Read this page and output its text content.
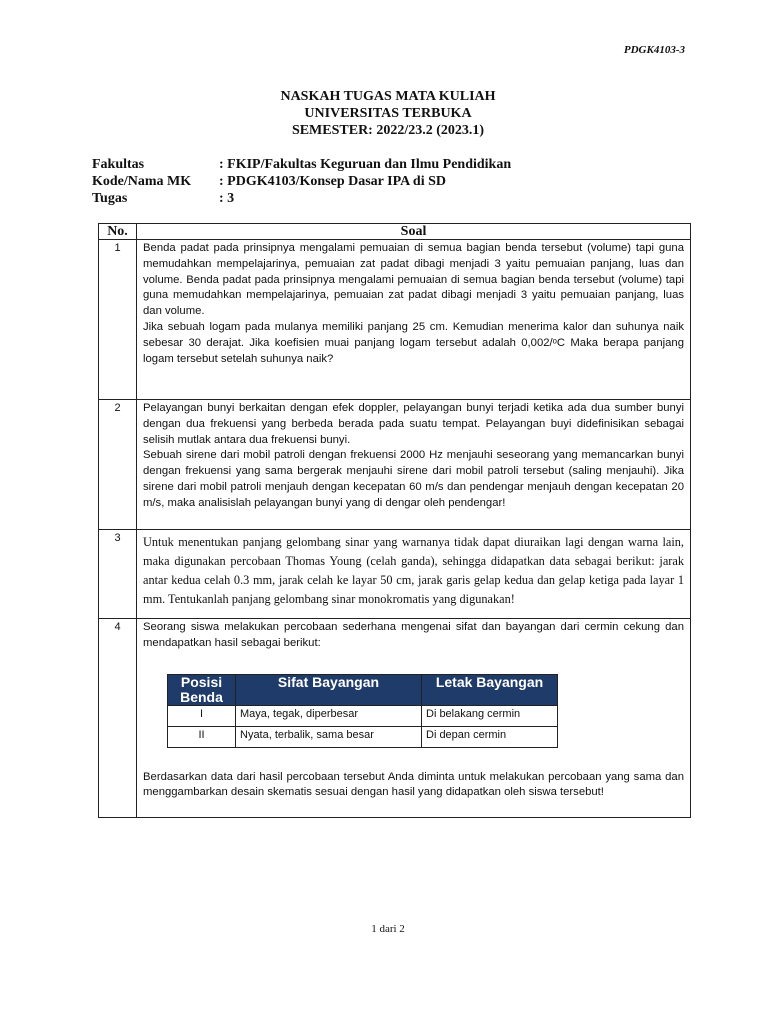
PDGK4103-3
NASKAH TUGAS MATA KULIAH
UNIVERSITAS TERBUKA
SEMESTER: 2022/23.2 (2023.1)
Fakultas	: FKIP/Fakultas Keguruan dan Ilmu Pendidikan
Kode/Nama MK	: PDGK4103/Konsep Dasar IPA di SD
Tugas	: 3
No.	Soal
1	Benda padat pada prinsipnya mengalami pemuaian di semua bagian benda tersebut (volume) tapi guna memudahkan mempelajarinya, pemuaian zat padat dibagi menjadi 3 yaitu pemuaian panjang, luas dan volume. Benda padat pada prinsipnya mengalami pemuaian di semua bagian benda tersebut (volume) tapi guna memudahkan mempelajarinya, pemuaian zat padat dibagi menjadi 3 yaitu pemuaian panjang, luas dan volume.

Jika sebuah logam pada mulanya memiliki panjang 25 cm. Kemudian menerima kalor dan suhunya naik sebesar 30 derajat. Jika koefisien muai panjang logam tersebut adalah 0,002/ᵒC Maka berapa panjang logam tersebut setelah suhunya naik?

2	Pelayangan bunyi berkaitan dengan efek doppler, pelayangan bunyi terjadi ketika ada dua sumber bunyi dengan dua frekuensi yang berbeda berada pada suatu tempat. Pelayangan buyi didefinisikan sebagai selisih mutlak antara dua frekuensi bunyi.

Sebuah sirene dari mobil patroli dengan frekuensi 2000 Hz menjauhi seseorang yang memancarkan bunyi dengan frekuensi yang sama bergerak menjauhi sirene dari mobil patroli tersebut (saling menjauhi). Jika sirene dari mobil patroli menjauh dengan kecepatan 60 m/s dan pendengar menjauh dengan kecepatan 20 m/s, maka analisislah pelayangan bunyi yang di dengar oleh pendengar!

3	Untuk menentukan panjang gelombang sinar yang warnanya tidak dapat diuraikan lagi dengan warna lain, maka digunakan percobaan Thomas Young (celah ganda), sehingga didapatkan data sebagai berikut: jarak antar kedua celah 0.3 mm, jarak celah ke layar 50 cm, jarak garis gelap kedua dan gelap ketiga pada layar 1 mm. Tentukanlah panjang gelombang sinar monokromatis yang digunakan!

4	Seorang siswa melakukan percobaan sederhana mengenai sifat dan bayangan dari cermin cekung dan mendapatkan hasil sebagai berikut:

Posisi Benda	Sifat Bayangan	Letak Bayangan
I	Maya, tegak, diperbesar	Di belakang cermin
II	Nyata, terbalik, sama besar	Di depan cermin

Berdasarkan data dari hasil percobaan tersebut Anda diminta untuk melakukan percobaan yang sama dan menggambarkan desain skematis sesuai dengan hasil yang didapatkan oleh siswa tersebut!

1 dari 2
